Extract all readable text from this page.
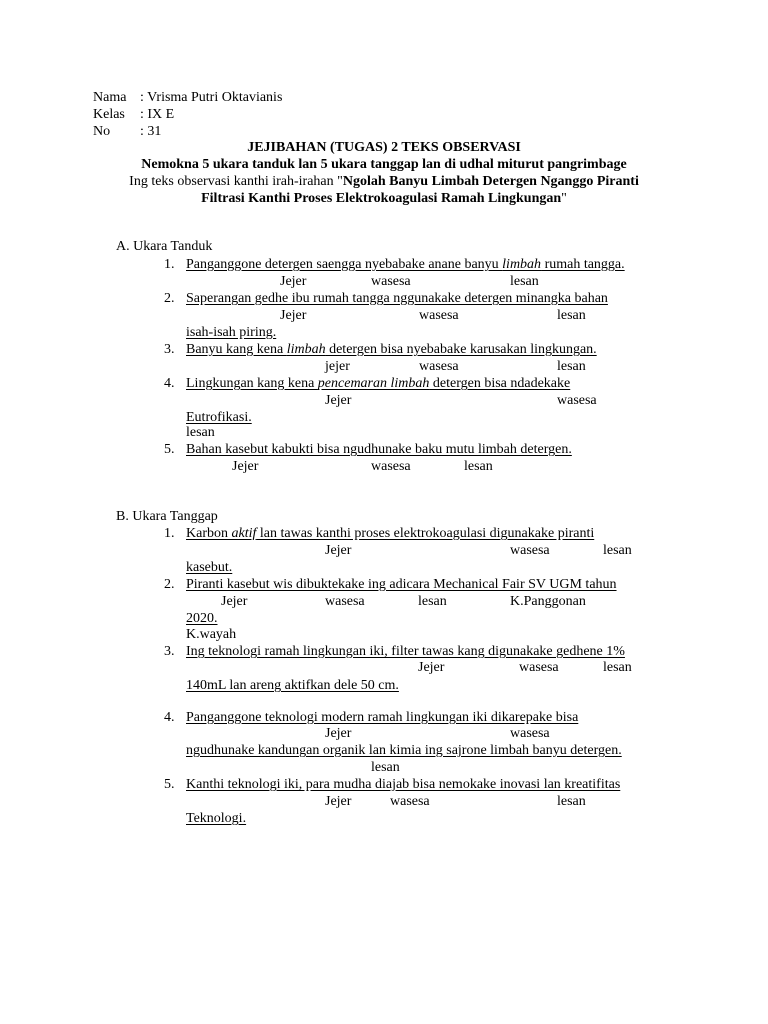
Nama : Vrisma Putri Oktavianis
Kelas : IX E
No : 31
JEJIBAHAN (TUGAS) 2 TEKS OBSERVASI
Nemokna 5 ukara tanduk lan 5 ukara tanggap lan di udhal miturut pangrimbage
Ing teks observasi kanthi irah-irahan "Ngolah Banyu Limbah Detergen Nganggo Piranti
Filtrasi Kanthi Proses Elektrokoagulasi Ramah Lingkungan"
A. Ukara Tanduk
1. Panganggone detergen saengga nyebabake anane banyu limbah rumah tangga.
Jejer	wasesa	lesan
2. Saperangan gedhe ibu rumah tangga nggunakake detergen minangka bahan
Jejer	wasesa	lesan
isah-isah piring.
3. Banyu kang kena limbah detergen bisa nyebabake karusakan lingkungan.
jejer	wasesa	lesan
4. Lingkungan kang kena pencemaran limbah detergen bisa ndadekake
Jejer	wasesa
Eutrofikasi.
lesan
5. Bahan kasebut kabukti bisa ngudhunake baku mutu limbah detergen.
Jejer	wasesa	lesan
B. Ukara Tanggap
1. Karbon aktif lan tawas kanthi proses elektrokoagulasi digunakake piranti
Jejer	wasesa	lesan
kasebut.
2. Piranti kasebut wis dibuktekake ing adicara Mechanical Fair SV UGM tahun
Jejer	wasesa	lesan	K.Panggonan
2020.
K.wayah
3. Ing teknologi ramah lingkungan iki, filter tawas kang digunakake gedhene 1%
Jejer	wasesa	lesan
140mL lan areng aktifkan dele 50 cm.
4. Panganggone teknologi modern ramah lingkungan iki dikarepake bisa
Jejer	wasesa
ngudhunake kandungan organik lan kimia ing sajrone limbah banyu detergen.
lesan
5. Kanthi teknologi iki, para mudha diajab bisa nemokake inovasi lan kreatifitas
Jejer	wasesa	lesan
Teknologi.
